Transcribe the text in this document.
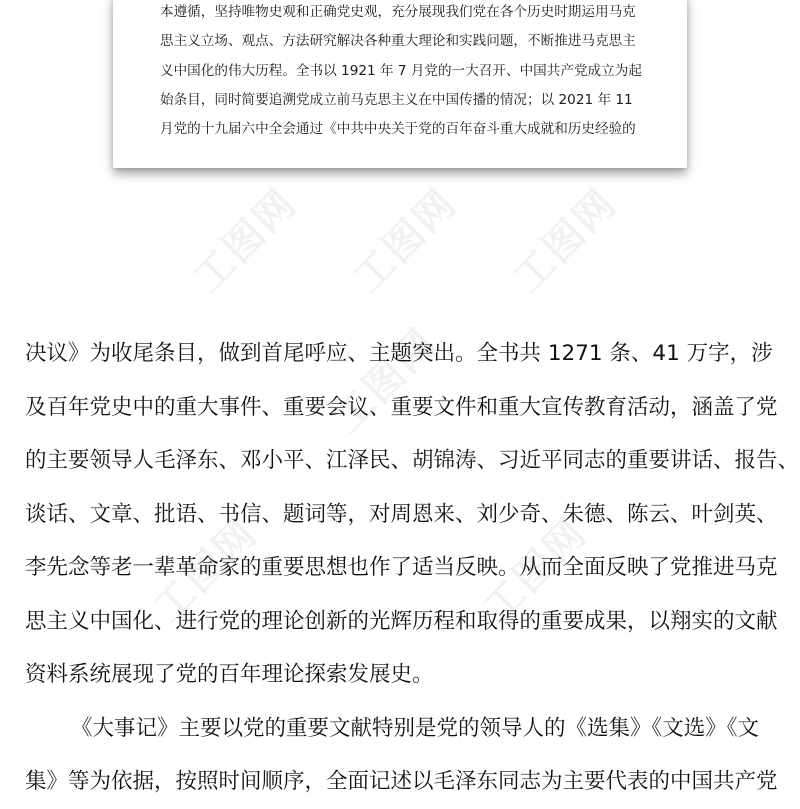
工图网 工图网 工图网
工图网
工图网	工图网
本遵循，坚持唯物史观和正确党史观，充分展现我们党在各个历史时期运用马克
思主义立场、观点、方法研究解决各种重大理论和实践问题，不断推进马克思主
义中国化的伟大历程。全书以 1921 年 7 月党的一大召开、中国共产党成立为起
始条目，同时简要追溯党成立前马克思主义在中国传播的情况；以 2021 年 11
月党的十九届六中全会通过《中共中央关于党的百年奋斗重大成就和历史经验的
决议》为收尾条目，做到首尾呼应、主题突出。全书共 1271 条、41 万字，涉
及百年党史中的重大事件、重要会议、重要文件和重大宣传教育活动，涵盖了党
的主要领导人毛泽东、邓小平、江泽民、胡锦涛、习近平同志的重要讲话、报告、
谈话、文章、批语、书信、题词等，对周恩来、刘少奇、朱德、陈云、叶剑英、
李先念等老一辈革命家的重要思想也作了适当反映。从而全面反映了党推进马克
思主义中国化、进行党的理论创新的光辉历程和取得的重要成果，以翔实的文献
资料系统展现了党的百年理论探索发展史。
《大事记》主要以党的重要文献特别是党的领导人的《选集》《文选》《文
集》等为依据，按照时间顺序，全面记述以毛泽东同志为主要代表的中国共产党
